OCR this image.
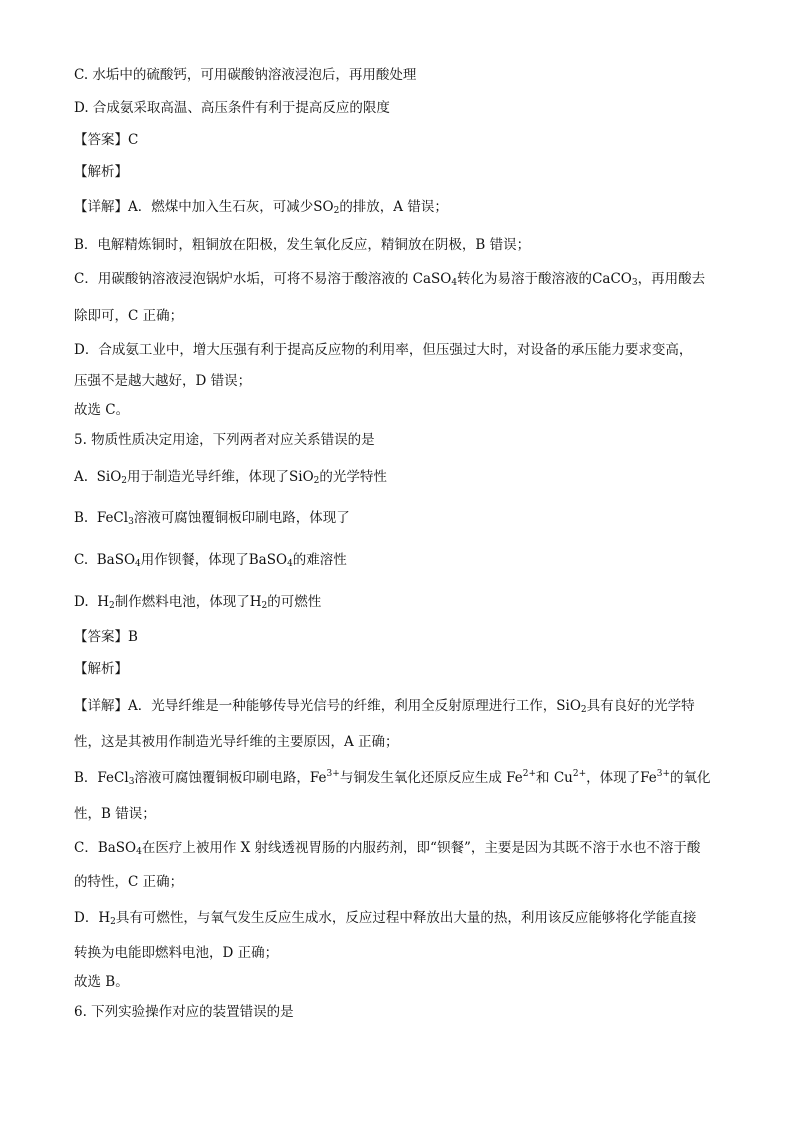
C. 水垢中的硫酸钙，可用碳酸钠溶液浸泡后，再用酸处理
D. 合成氨采取高温、高压条件有利于提高反应的限度
【答案】C
【解析】
【详解】A．燃煤中加入生石灰，可减少$SO_2$的排放，A 错误；
B．电解精炼铜时，粗铜放在阳极，发生氧化反应，精铜放在阴极，B 错误；
C．用碳酸钠溶液浸泡锅炉水垢，可将不易溶于酸溶液的 CaSO$_4$转化为易溶于酸溶液的CaCO$_3$，再用酸去
除即可，C 正确；
D．合成氨工业中，增大压强有利于提高反应物的利用率，但压强过大时，对设备的承压能力要求变高，
压强不是越大越好，D 错误；
故选 C。
5. 物质性质决定用途，下列两者对应关系错误的是
A. SiO$_2$用于制造光导纤维，体现了SiO$_2$的光学特性
B. FeCl$_3$溶液可腐蚀覆铜板印刷电路，体现了
C. BaSO$_4$用作钡餐，体现了BaSO$_4$的难溶性
D. $H_2$制作燃料电池，体现了$H_2$的可燃性
【答案】B
【解析】
【详解】A．光导纤维是一种能够传导光信号的纤维，利用全反射原理进行工作，SiO$_2$具有良好的光学特
性，这是其被用作制造光导纤维的主要原因，A 正确；
B．FeCl$_3$溶液可腐蚀覆铜板印刷电路，$Fe^{3+}$与铜发生氧化还原反应生成 $Fe^{2+}$和 $Cu^{2+}$，体现了$Fe^{3+}$的氧化
性，B 错误；
C．BaSO$_4$在医疗上被用作 X 射线透视胃肠的内服药剂，即“钡餐”，主要是因为其既不溶于水也不溶于酸
的特性，C 正确；
D．$H_2$具有可燃性，与氧气发生反应生成水，反应过程中释放出大量的热，利用该反应能够将化学能直接
转换为电能即燃料电池，D 正确；
故选 B。
6. 下列实验操作对应的装置错误的是
